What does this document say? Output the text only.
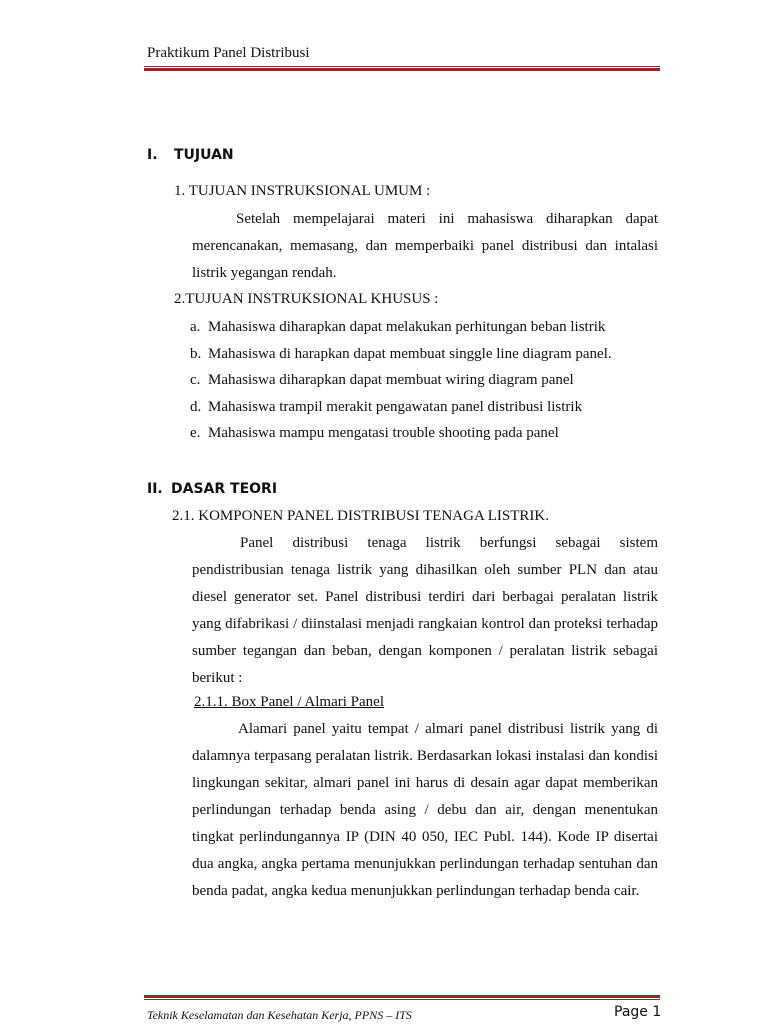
Praktikum Panel Distribusi
I. TUJUAN
1. TUJUAN INSTRUKSIONAL UMUM :
Setelah mempelajarai materi ini mahasiswa diharapkan dapat merencanakan, memasang, dan memperbaiki panel distribusi dan intalasi listrik yegangan rendah.
2.TUJUAN INSTRUKSIONAL KHUSUS :
a. Mahasiswa diharapkan dapat melakukan perhitungan beban listrik
b. Mahasiswa di harapkan dapat membuat singgle line diagram panel.
c. Mahasiswa diharapkan dapat membuat wiring diagram panel
d. Mahasiswa trampil merakit pengawatan panel distribusi listrik
e. Mahasiswa mampu mengatasi trouble shooting pada panel
II. DASAR TEORI
2.1. KOMPONEN PANEL DISTRIBUSI TENAGA LISTRIK.
Panel distribusi tenaga listrik berfungsi sebagai sistem pendistribusian tenaga listrik yang dihasilkan oleh sumber PLN dan atau diesel generator set. Panel distribusi terdiri dari berbagai peralatan listrik yang difabrikasi / diinstalasi menjadi rangkaian kontrol dan proteksi terhadap sumber tegangan dan beban, dengan komponen / peralatan listrik sebagai berikut :
2.1.1. Box Panel / Almari Panel
Alamari panel yaitu tempat / almari panel distribusi listrik yang di dalamnya terpasang peralatan listrik. Berdasarkan lokasi instalasi dan kondisi lingkungan sekitar, almari panel ini harus di desain agar dapat memberikan perlindungan terhadap benda asing / debu dan air, dengan menentukan tingkat perlindungannya IP (DIN 40 050, IEC Publ. 144). Kode IP disertai dua angka, angka pertama menunjukkan perlindungan terhadap sentuhan dan benda padat, angka kedua menunjukkan perlindungan terhadap benda cair.
Teknik Keselamatan dan Kesehatan Kerja, PPNS – ITS	Page 1
